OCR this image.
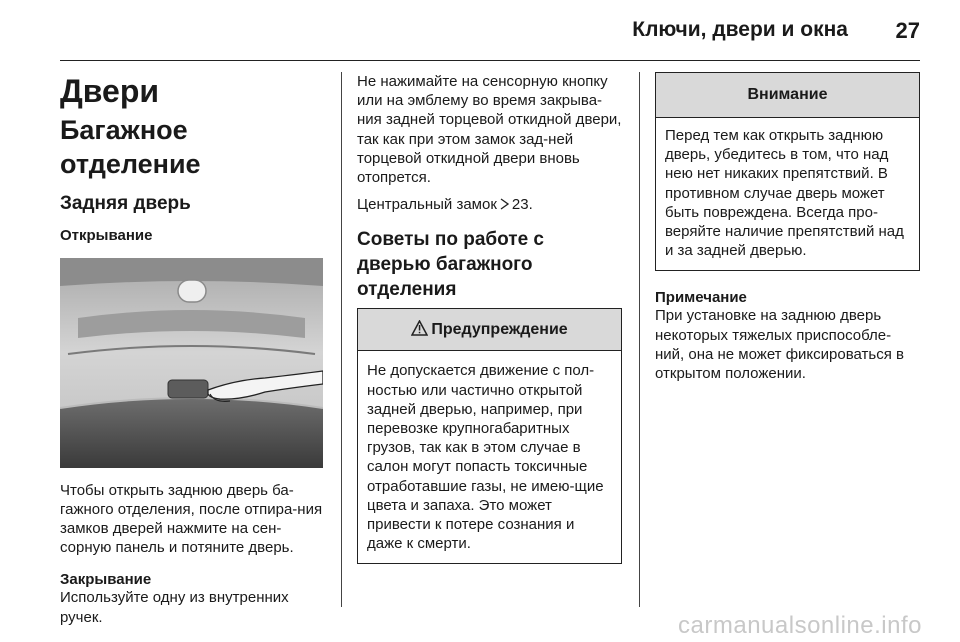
Ключи, двери и окна 27
Двери
Багажное отделение
Задняя дверь
Открывание

Чтобы открыть заднюю дверь ба-гажного отделения, после отпира-ния замков дверей нажмите на сен-сорную панель и потяните дверь.

Закрывание

Используйте одну из внутренних ручек.

Не нажимайте на сенсорную кнопку или на эмблему во время закрыва-ния задней торцевой откидной двери, так как при этом замок зад-ней торцевой откидной двери вновь отопрется.

Центральный замок 23.

Советы по работе с дверью багажного отделения
Предупреждение
Не допускается движение с пол-ностью или частично открытой задней дверью, например, при перевозке крупногабаритных грузов, так как в этом случае в салон могут попасть токсичные отработавшие газы, не имею-щие цвета и запаха. Это может привести к потере сознания и даже к смерти.
Внимание
Перед тем как открыть заднюю дверь, убедитесь в том, что над нею нет никаких препятствий. В противном случае дверь может быть повреждена. Всегда про-веряйте наличие препятствий над и за задней дверью.
Примечание

При установке на заднюю дверь некоторых тяжелых приспособле-ний, она не может фиксироваться в открытом положении.

carmanualsonline.info
